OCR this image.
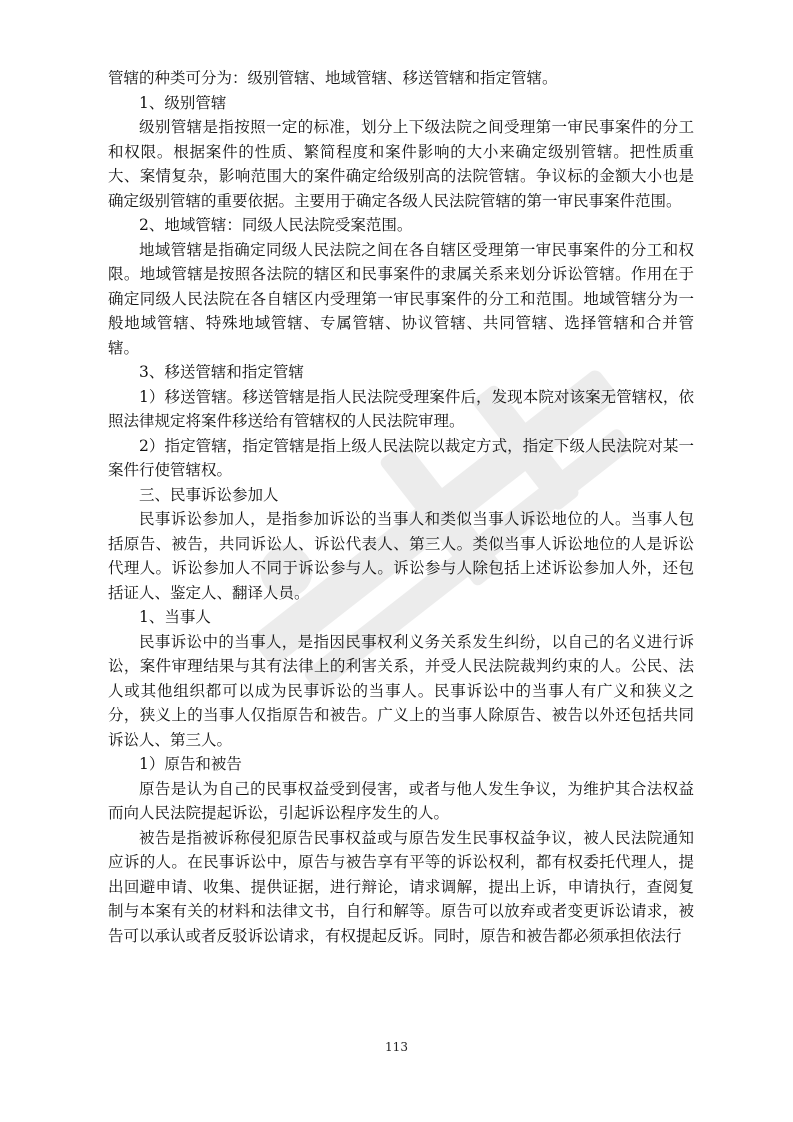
管辖的种类可分为：级别管辖、地域管辖、移送管辖和指定管辖。

1、级别管辖

级别管辖是指按照一定的标准，划分上下级法院之间受理第一审民事案件的分工和权限。根据案件的性质、繁简程度和案件影响的大小来确定级别管辖。把性质重大、案情复杂，影响范围大的案件确定给级别高的法院管辖。争议标的金额大小也是确定级别管辖的重要依据。主要用于确定各级人民法院管辖的第一审民事案件范围。

2、地域管辖：同级人民法院受案范围。

地域管辖是指确定同级人民法院之间在各自辖区受理第一审民事案件的分工和权限。地域管辖是按照各法院的辖区和民事案件的隶属关系来划分诉讼管辖。作用在于确定同级人民法院在各自辖区内受理第一审民事案件的分工和范围。地域管辖分为一般地域管辖、特殊地域管辖、专属管辖、协议管辖、共同管辖、选择管辖和合并管辖。

3、移送管辖和指定管辖

1）移送管辖。移送管辖是指人民法院受理案件后，发现本院对该案无管辖权，依照法律规定将案件移送给有管辖权的人民法院审理。

2）指定管辖，指定管辖是指上级人民法院以裁定方式，指定下级人民法院对某一案件行使管辖权。

三、民事诉讼参加人

民事诉讼参加人，是指参加诉讼的当事人和类似当事人诉讼地位的人。当事人包括原告、被告，共同诉讼人、诉讼代表人、第三人。类似当事人诉讼地位的人是诉讼代理人。诉讼参加人不同于诉讼参与人。诉讼参与人除包括上述诉讼参加人外，还包括证人、鉴定人、翻译人员。

1、当事人

民事诉讼中的当事人，是指因民事权利义务关系发生纠纷，以自己的名义进行诉讼，案件审理结果与其有法律上的利害关系，并受人民法院裁判约束的人。公民、法人或其他组织都可以成为民事诉讼的当事人。民事诉讼中的当事人有广义和狭义之分，狭义上的当事人仅指原告和被告。广义上的当事人除原告、被告以外还包括共同诉讼人、第三人。

1）原告和被告

原告是认为自己的民事权益受到侵害，或者与他人发生争议，为维护其合法权益而向人民法院提起诉讼，引起诉讼程序发生的人。

被告是指被诉称侵犯原告民事权益或与原告发生民事权益争议，被人民法院通知应诉的人。在民事诉讼中，原告与被告享有平等的诉讼权利，都有权委托代理人，提出回避申请、收集、提供证据，进行辩论，请求调解，提出上诉，申请执行，查阅复制与本案有关的材料和法律文书，自行和解等。原告可以放弃或者变更诉讼请求，被告可以承认或者反驳诉讼请求，有权提起反诉。同时，原告和被告都必须承担依法行

113
